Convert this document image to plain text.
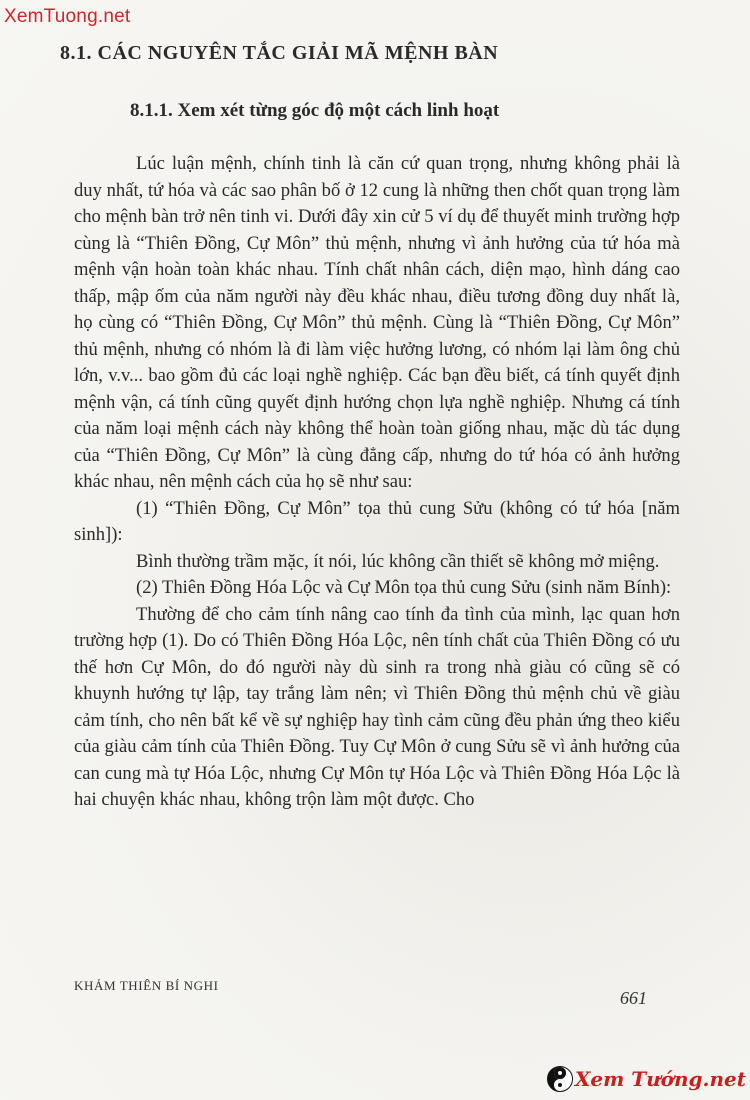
XemTuong.net
8.1. CÁC NGUYÊN TẮC GIẢI MÃ MỆNH BÀN
8.1.1. Xem xét từng góc độ một cách linh hoạt

Lúc luận mệnh, chính tinh là căn cứ quan trọng, nhưng không phải là duy nhất, tứ hóa và các sao phân bố ở 12 cung là những then chốt quan trọng làm cho mệnh bàn trở nên tinh vi. Dưới đây xin cử 5 ví dụ để thuyết minh trường hợp cùng là “Thiên Đồng, Cự Môn” thủ mệnh, nhưng vì ảnh hưởng của tứ hóa mà mệnh vận hoàn toàn khác nhau. Tính chất nhân cách, diện mạo, hình dáng cao thấp, mập ốm của năm người này đều khác nhau, điều tương đồng duy nhất là, họ cùng có “Thiên Đồng, Cự Môn” thủ mệnh. Cùng là “Thiên Đồng, Cự Môn” thủ mệnh, nhưng có nhóm là đi làm việc hưởng lương, có nhóm lại làm ông chủ lớn, v.v... bao gồm đủ các loại nghề nghiệp. Các bạn đều biết, cá tính quyết định mệnh vận, cá tính cũng quyết định hướng chọn lựa nghề nghiệp. Nhưng cá tính của năm loại mệnh cách này không thể hoàn toàn giống nhau, mặc dù tác dụng của “Thiên Đồng, Cự Môn” là cùng đẳng cấp, nhưng do tứ hóa có ảnh hưởng khác nhau, nên mệnh cách của họ sẽ như sau:

(1) “Thiên Đồng, Cự Môn” tọa thủ cung Sửu (không có tứ hóa [năm sinh]):

Bình thường trầm mặc, ít nói, lúc không cần thiết sẽ không mở miệng.

(2) Thiên Đồng Hóa Lộc và Cự Môn tọa thủ cung Sửu (sinh năm Bính):

Thường để cho cảm tính nâng cao tính đa tình của mình, lạc quan hơn trường hợp (1). Do có Thiên Đồng Hóa Lộc, nên tính chất của Thiên Đồng có ưu thế hơn Cự Môn, do đó người này dù sinh ra trong nhà giàu có cũng sẽ có khuynh hướng tự lập, tay trắng làm nên; vì Thiên Đồng thủ mệnh chủ về giàu cảm tính, cho nên bất kể về sự nghiệp hay tình cảm cũng đều phản ứng theo kiểu của giàu cảm tính của Thiên Đồng. Tuy Cự Môn ở cung Sửu sẽ vì ảnh hưởng của can cung mà tự Hóa Lộc, nhưng Cự Môn tự Hóa Lộc và Thiên Đồng Hóa Lộc là hai chuyện khác nhau, không trộn làm một được. Cho

KHẢM THIÊN BÍ NGHI
661
Xem Tướng.net
